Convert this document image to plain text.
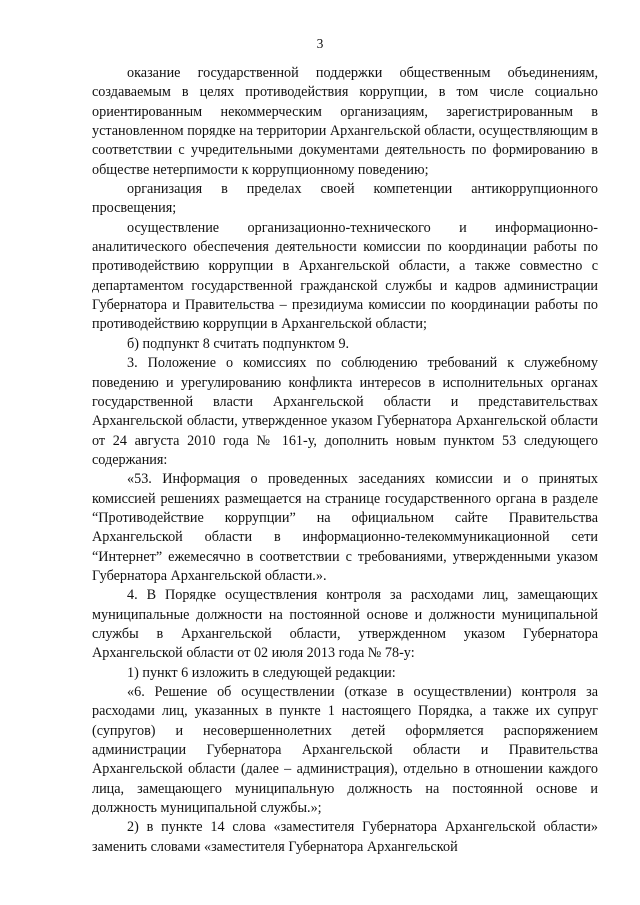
3

оказание государственной поддержки общественным объединениям, создаваемым в целях противодействия коррупции, в том числе социально ориентированным некоммерческим организациям, зарегистрированным в установленном порядке на территории Архангельской области, осуществляющим в соответствии с учредительными документами деятельность по формированию в обществе нетерпимости к коррупционному поведению;

организация в пределах своей компетенции антикоррупционного просвещения;

осуществление организационно-технического и информационно-аналитического обеспечения деятельности комиссии по координации работы по противодействию коррупции в Архангельской области, а также совместно с департаментом государственной гражданской службы и кадров администрации Губернатора и Правительства – президиума комиссии по координации работы по противодействию коррупции в Архангельской области;

б) подпункт 8 считать подпунктом 9.

3. Положение о комиссиях по соблюдению требований к служебному поведению и урегулированию конфликта интересов в исполнительных органах государственной власти Архангельской области и представительствах Архангельской области, утвержденное указом Губернатора Архангельской области от 24 августа 2010 года № 161-у, дополнить новым пунктом 53 следующего содержания:

«53. Информация о проведенных заседаниях комиссии и о принятых комиссией решениях размещается на странице государственного органа в разделе “Противодействие коррупции” на официальном сайте Правительства Архангельской области в информационно-телекоммуникационной сети “Интернет” ежемесячно в соответствии с требованиями, утвержденными указом Губернатора Архангельской области.».

4. В Порядке осуществления контроля за расходами лиц, замещающих муниципальные должности на постоянной основе и должности муниципальной службы в Архангельской области, утвержденном указом Губернатора Архангельской области от 02 июля 2013 года № 78-у:

1) пункт 6 изложить в следующей редакции:

«6. Решение об осуществлении (отказе в осуществлении) контроля за расходами лиц, указанных в пункте 1 настоящего Порядка, а также их супруг (супругов) и несовершеннолетних детей оформляется распоряжением администрации Губернатора Архангельской области и Правительства Архангельской области (далее – администрация), отдельно в отношении каждого лица, замещающего муниципальную должность на постоянной основе и должность муниципальной службы.»;

2) в пункте 14 слова «заместителя Губернатора Архангельской области» заменить словами «заместителя Губернатора Архангельской
